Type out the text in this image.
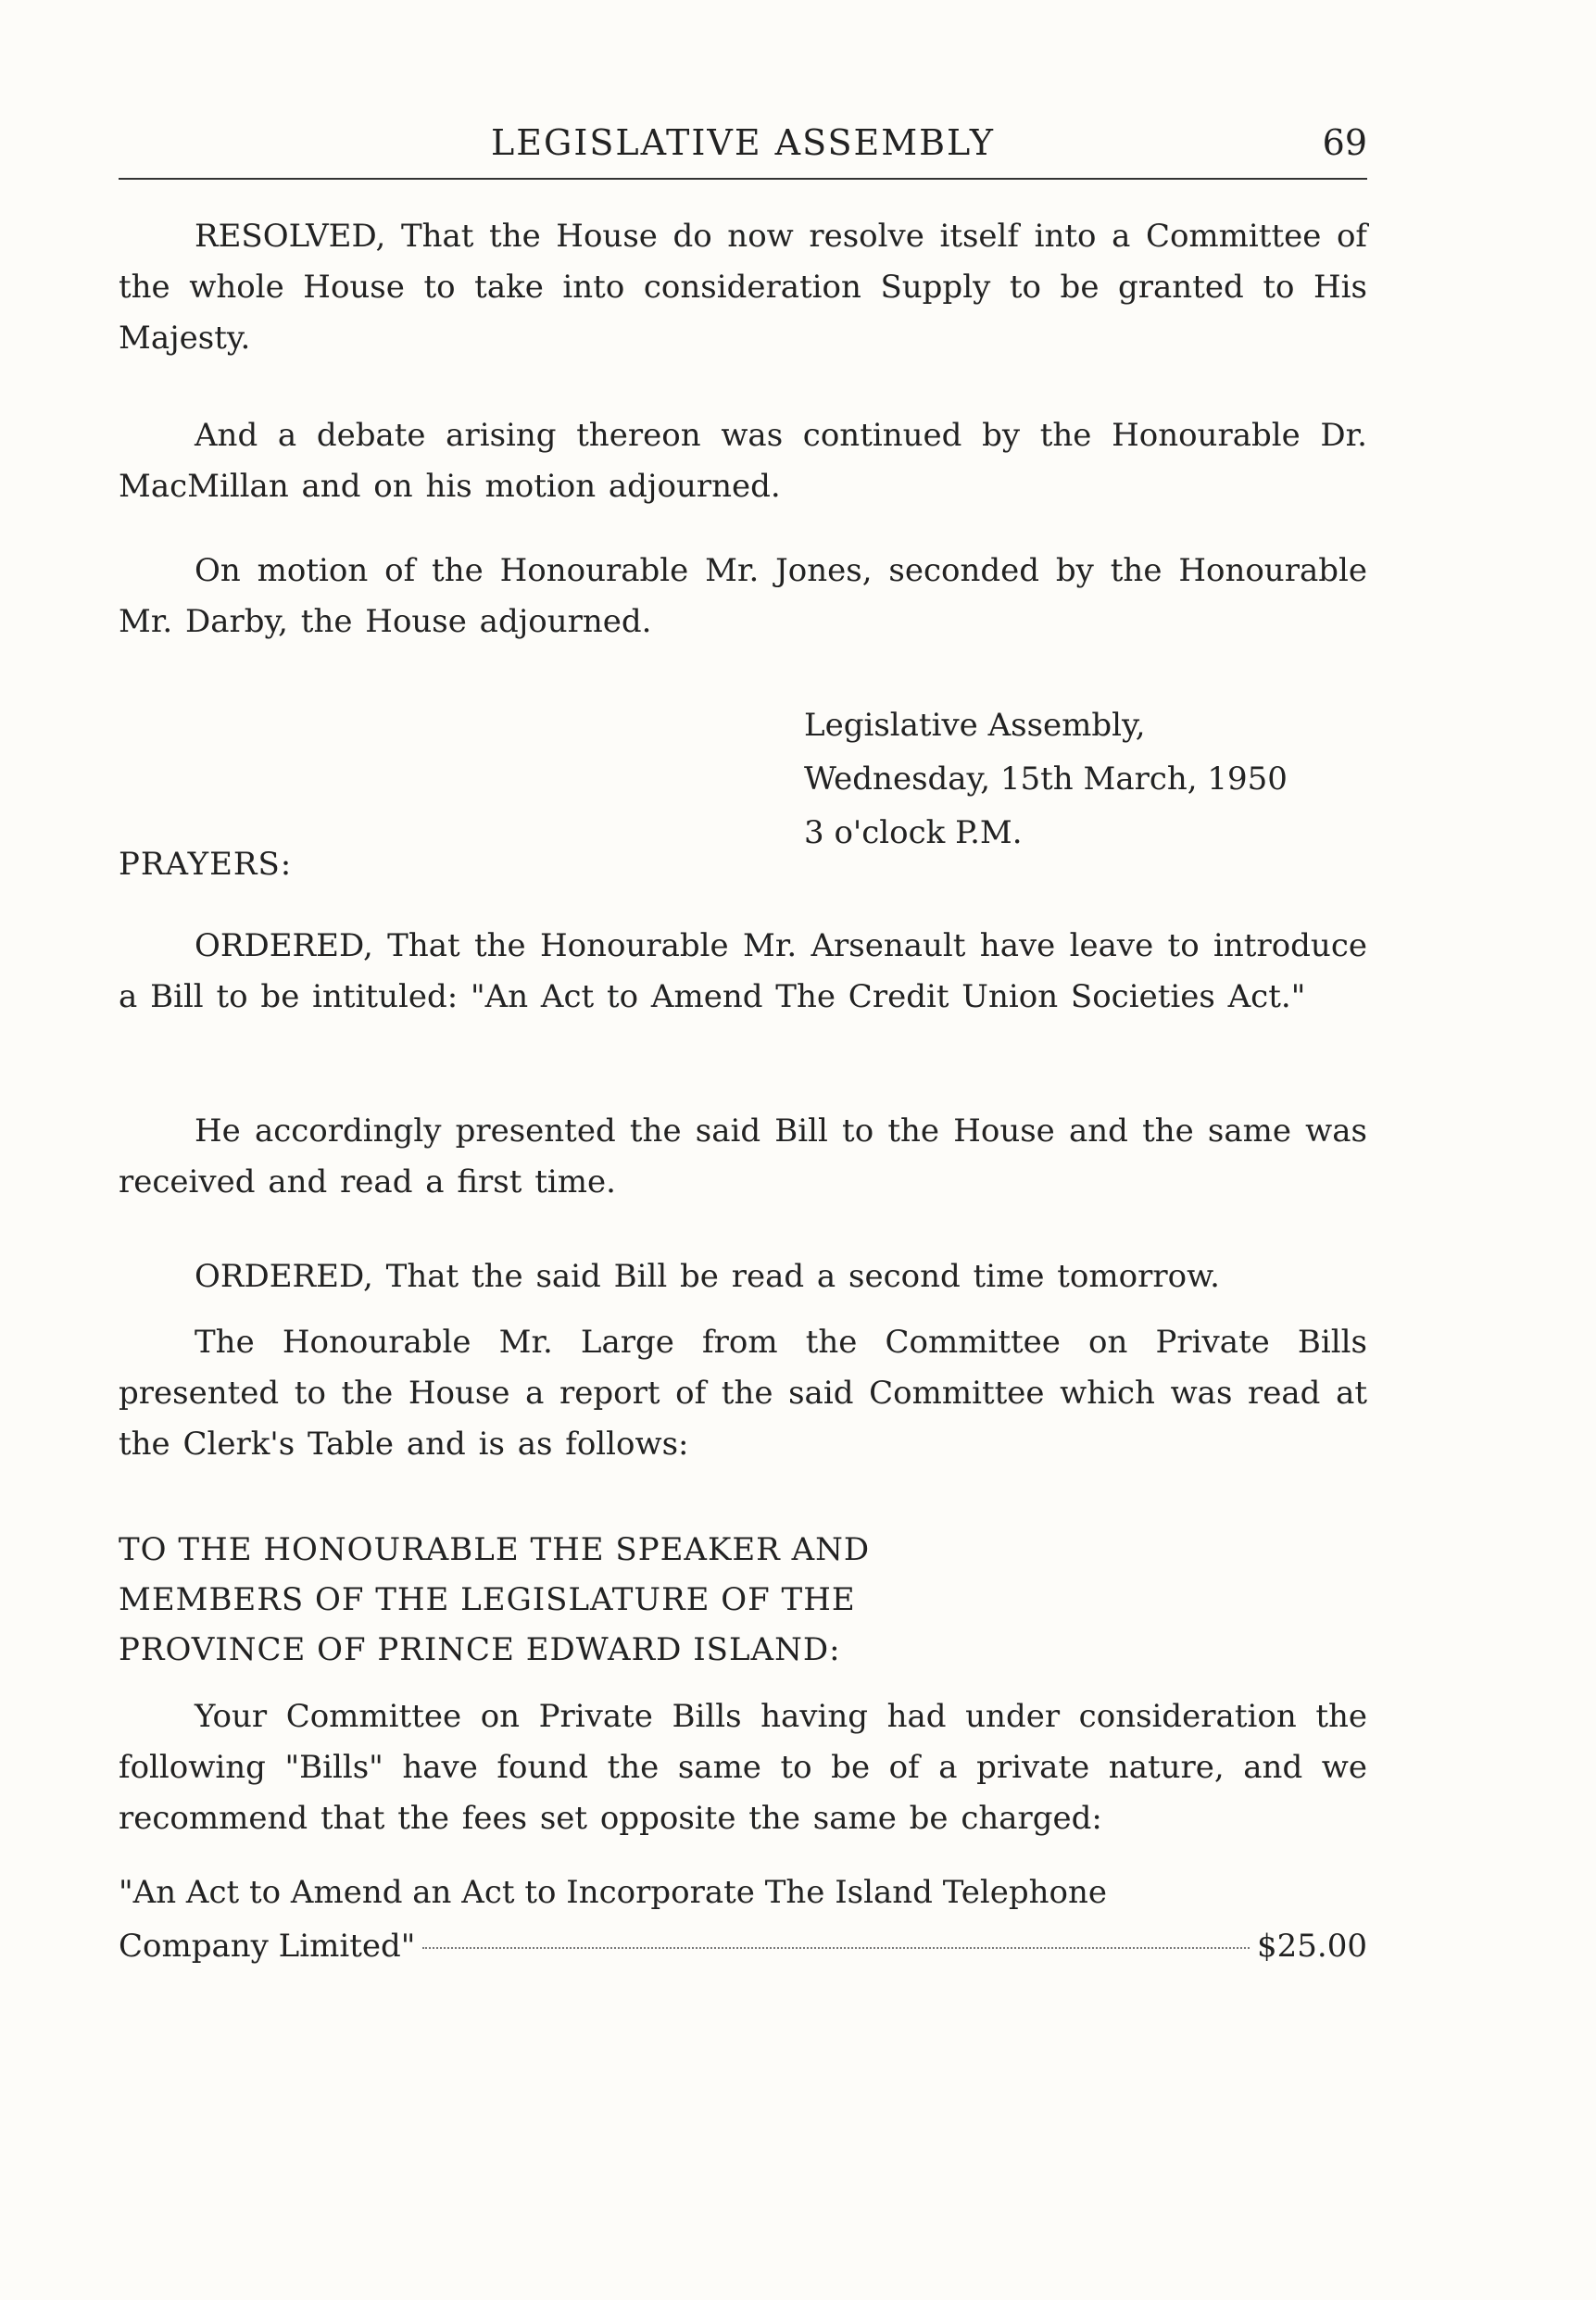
LEGISLATIVE ASSEMBLY	69

RESOLVED, That the House do now resolve itself into a Committee of the whole House to take into consideration Supply to be granted to His Majesty.

And a debate arising thereon was continued by the Honourable Dr. MacMillan and on his motion adjourned.

On motion of the Honourable Mr. Jones, seconded by the Honourable Mr. Darby, the House adjourned.

Legislative Assembly,
Wednesday, 15th March, 1950
3 o'clock P.M.
PRAYERS:

ORDERED, That the Honourable Mr. Arsenault have leave to introduce a Bill to be intituled: "An Act to Amend The Credit Union Societies Act."

He accordingly presented the said Bill to the House and the same was received and read a first time.

ORDERED, That the said Bill be read a second time tomorrow.

The Honourable Mr. Large from the Committee on Private Bills presented to the House a report of the said Committee which was read at the Clerk's Table and is as follows:

TO THE HONOURABLE THE SPEAKER AND
MEMBERS OF THE LEGISLATURE OF THE
PROVINCE OF PRINCE EDWARD ISLAND:

Your Committee on Private Bills having had under consideration the following "Bills" have found the same to be of a private nature, and we recommend that the fees set opposite the same be charged:

"An Act to Amend an Act to Incorporate The Island Telephone
Company Limited"	$25.00
